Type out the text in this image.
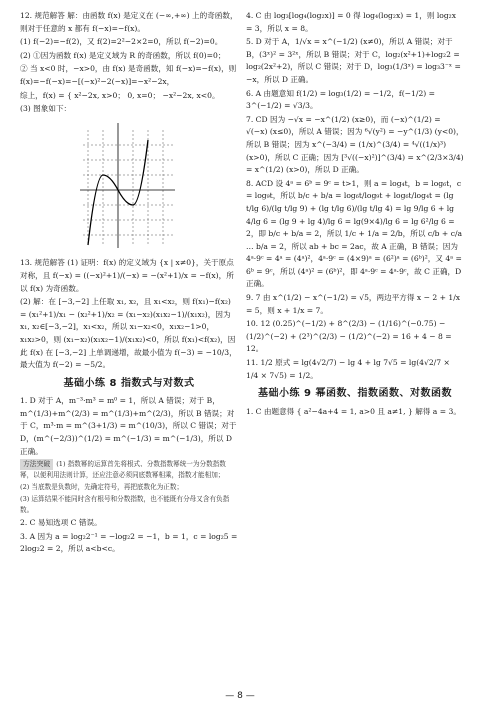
12. 规范解答 解：由函数 f(x) 是定义在 (−∞,+∞) 上的奇函数，则对于任意的 x 都有 f(−x)=−f(x)。

(1) f(−2)=−f(2)，又 f(2)=2²−2×2=0，所以 f(−2)=0。

(2) ①因为函数 f(x) 是定义域为 R 的奇函数，所以 f(0)=0；

② 当 x<0 时，−x>0，由 f(x) 是奇函数，知 f(−x)=−f(x)，则 f(x)=−f(−x)=−[(−x)²−2(−x)]=−x²−2x，

综上，f(x) = { x²−2x, x>0； 0, x=0； −x²−2x, x<0。

(3) 图象如下：

13. 规范解答 (1) 证明：f(x) 的定义域为 {x | x≠0}，关于原点对称，且 f(−x) = ((−x)²+1)/(−x) = −(x²+1)/x = −f(x)，所以 f(x) 为奇函数。

(2) 解：在 [−3,−2] 上任取 x₁, x₂，且 x₁<x₂，则 f(x₁)−f(x₂) = (x₁²+1)/x₁ − (x₂²+1)/x₂ = (x₁−x₂)(x₁x₂−1)/(x₁x₂)，因为 x₁, x₂∈[−3,−2]，x₁<x₂，所以 x₁−x₂<0，x₁x₂−1>0，x₁x₂>0，则 (x₁−x₂)(x₁x₂−1)/(x₁x₂)<0，所以 f(x₁)<f(x₂)，因此 f(x) 在 [−3,−2] 上单调递增，故最小值为 f(−3) = −10/3，最大值为 f(−2) = −5/2。

基础小练 8 指数式与对数式

1. D 对于 A，m⁻³·m³ = m⁰ = 1，所以 A 错误；对于 B，m^(1/3)+m^(2/3) = m^(1/3)+m^(2/3)，所以 B 错误；对于 C，m³·m = m^(3+1/3) = m^(10/3)，所以 C 错误；对于 D，(m^(−2/3))^(1/2) = m^(−1/3) = m^(−1/3)，所以 D 正确。

方法突破 (1) 指数幂的运算首先将根式、分数指数幂统一为分数指数幂，以便利用法则计算，还应注意必须同底数幂相乘，指数才能相加；

(2) 当底数是负数时，先确定符号，再把底数化为正数；

(3) 运算结果不能同时含有根号和分数指数，也不能既有分母又含有负指数。

2. C 易知选项 C 错误。

3. A 因为 a = log₂2⁻¹ = −log₂2 = −1，b = 1，c = log₂5 = 2log₂2 = 2，所以 a<b<c。

4. C 由 log₃[log₄(log₂x)] = 0 得 log₄(log₂x) = 1，则 log₂x = 3，所以 x = 8。

5. D 对于 A，1/√x = x^(−1/2) (x≠0)，所以 A 错误；对于 B，(3ˣ)² = 3²ˣ，所以 B 错误；对于 C，log₂(x²+1)+log₂2 = log₂(2x²+2)，所以 C 错误；对于 D，log₃(1/3ˣ) = log₃3⁻ˣ = −x，所以 D 正确。

6. A 由题意知 f(1/2) = log₃(1/2) = −1/2，f(−1/2) = 3^(−1/2) = √3/3。

7. CD 因为 −√x = −x^(1/2) (x≥0)，而 (−x)^(1/2) = √(−x) (x≤0)，所以 A 错误；因为 ⁶√(y²) = −y^(1/3) (y<0)，所以 B 错误；因为 x^(−3/4) = (1/x)^(3/4) = ⁴√((1/x)³) (x>0)，所以 C 正确；因为 [³√((−x)²)]^(3/4) = x^(2/3×3/4) = x^(1/2) (x>0)，所以 D 正确。

8. ACD 设 4ᵃ = 6ᵇ = 9ᶜ = t>1，则 a = log₄t，b = log₆t，c = log₉t，所以 b/c + b/a = log₆t/log₉t + log₆t/log₄t = (lg t/lg 6)/(lg t/lg 9) + (lg t/lg 6)/(lg t/lg 4) = lg 9/lg 6 + lg 4/lg 6 = (lg 9 + lg 4)/lg 6 = lg(9×4)/lg 6 = lg 6²/lg 6 = 2，即 b/c + b/a = 2，所以 1/c + 1/a = 2/b，所以 c/b + c/a … b/a = 2，所以 ab + bc = 2ac，故 A 正确，B 错误；因为 4ᵃ·9ᶜ = 4ᵃ = (4ᵃ)²，4ᵃ·9ᶜ = (4×9)ᵃ = (6²)ᵃ = (6ᵇ)²，又 4ᵃ = 6ᵇ = 9ᶜ，所以 (4ᵃ)² = (6ᵇ)²，即 4ᵃ·9ᶜ = 4ᵃ·9ᶜ，故 C 正确，D 正确。

9. 7 由 x^(1/2) − x^(−1/2) = √5，两边平方得 x − 2 + 1/x = 5，则 x + 1/x = 7。

10. 12 (0.25)^(−1/2) + 8^(2/3) − (1/16)^(−0.75) − (1/2)^(−2) + (2³)^(2/3) − (1/2)^(−2) = 16 + 4 − 8 = 12。

11. 1/2 原式 = lg(4√2/7) − lg 4 + lg 7√5 = lg(4√2/7 × 1/4 × 7√5) = 1/2。

基础小练 9 幂函数、指数函数、对数函数

1. C 由题意得 { a²−4a+4 = 1, a>0 且 a≠1, } 解得 a = 3。

— 8 —
